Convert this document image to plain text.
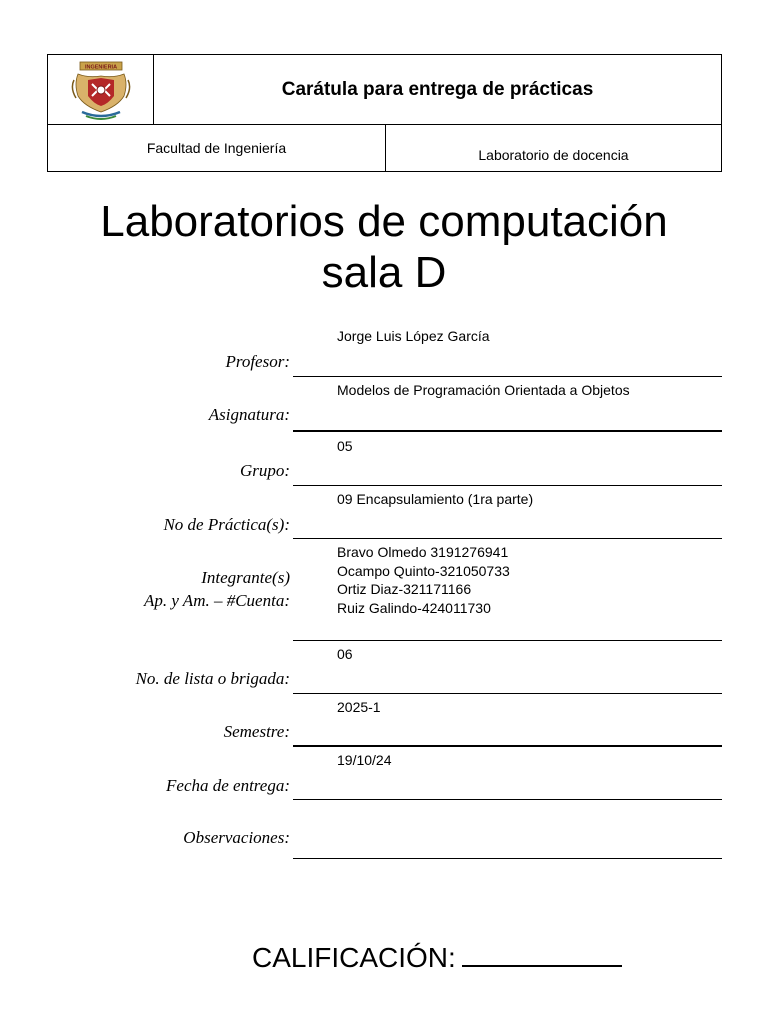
INGENIERIA
Carátula para entrega de prácticas
Facultad de Ingeniería	Laboratorio de docencia
Laboratorios de computación
sala D
Jorge Luis López García
Profesor:
Modelos de Programación Orientada a Objetos
Asignatura:
05
Grupo:
09 Encapsulamiento (1ra parte)
No de Práctica(s):
Bravo Olmedo 3191276941
Ocampo Quinto-321050733
Ortiz Diaz-321171166
Ruiz Galindo-424011730
Integrante(s)
Ap. y Am. – #Cuenta:
06
No. de lista o brigada:
2025-1
Semestre:
19/10/24
Fecha de entrega:
Observaciones:
CALIFICACIÓN:
